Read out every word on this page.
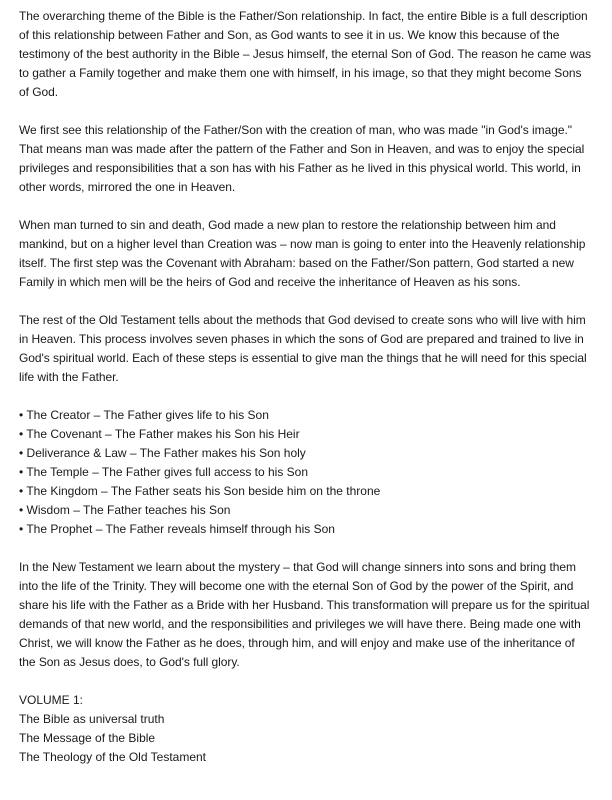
The overarching theme of the Bible is the Father/Son relationship. In fact, the entire Bible is a full description of this relationship between Father and Son, as God wants to see it in us. We know this because of the testimony of the best authority in the Bible – Jesus himself, the eternal Son of God. The reason he came was to gather a Family together and make them one with himself, in his image, so that they might become Sons of God.

We first see this relationship of the Father/Son with the creation of man, who was made "in God's image." That means man was made after the pattern of the Father and Son in Heaven, and was to enjoy the special privileges and responsibilities that a son has with his Father as he lived in this physical world. This world, in other words, mirrored the one in Heaven.

When man turned to sin and death, God made a new plan to restore the relationship between him and mankind, but on a higher level than Creation was – now man is going to enter into the Heavenly relationship itself. The first step was the Covenant with Abraham: based on the Father/Son pattern, God started a new Family in which men will be the heirs of God and receive the inheritance of Heaven as his sons.

The rest of the Old Testament tells about the methods that God devised to create sons who will live with him in Heaven. This process involves seven phases in which the sons of God are prepared and trained to live in God's spiritual world. Each of these steps is essential to give man the things that he will need for this special life with the Father.

• The Creator – The Father gives life to his Son
• The Covenant – The Father makes his Son his Heir
• Deliverance & Law – The Father makes his Son holy
• The Temple – The Father gives full access to his Son
• The Kingdom – The Father seats his Son beside him on the throne
• Wisdom – The Father teaches his Son
• The Prophet – The Father reveals himself through his Son

In the New Testament we learn about the mystery – that God will change sinners into sons and bring them into the life of the Trinity. They will become one with the eternal Son of God by the power of the Spirit, and share his life with the Father as a Bride with her Husband. This transformation will prepare us for the spiritual demands of that new world, and the responsibilities and privileges we will have there. Being made one with Christ, we will know the Father as he does, through him, and will enjoy and make use of the inheritance of the Son as Jesus does, to God's full glory.

VOLUME 1:
The Bible as universal truth
The Message of the Bible
The Theology of the Old Testament
